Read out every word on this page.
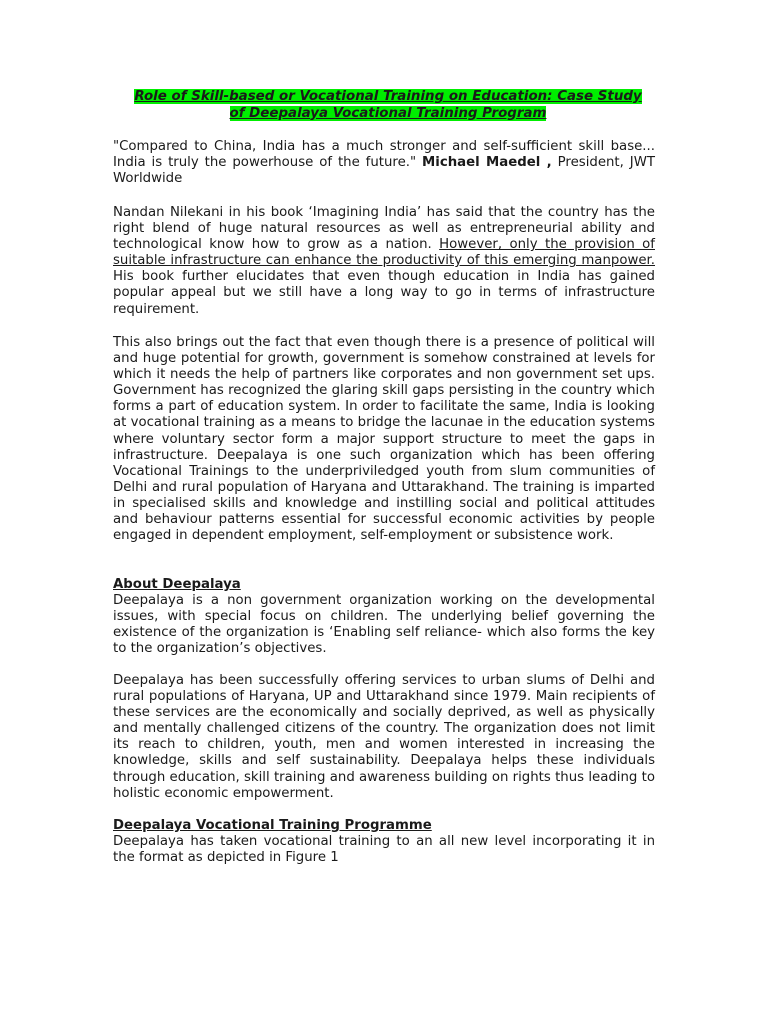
Role of Skill-based or Vocational Training on Education: Case Study
of Deepalaya Vocational Training Program

"Compared to China, India has a much stronger and self-sufficient skill base... India is truly the powerhouse of the future." Michael Maedel , President, JWT Worldwide

Nandan Nilekani in his book ‘Imagining India’ has said that the country has the right blend of huge natural resources as well as entrepreneurial ability and technological know how to grow as a nation. However, only the provision of suitable infrastructure can enhance the productivity of this emerging manpower. His book further elucidates that even though education in India has gained popular appeal but we still have a long way to go in terms of infrastructure requirement.

This also brings out the fact that even though there is a presence of political will and huge potential for growth, government is somehow constrained at levels for which it needs the help of partners like corporates and non government set ups. Government has recognized the glaring skill gaps persisting in the country which forms a part of education system. In order to facilitate the same, India is looking at vocational training as a means to bridge the lacunae in the education systems where voluntary sector form a major support structure to meet the gaps in infrastructure. Deepalaya is one such organization which has been offering Vocational Trainings to the underpriviledged youth from slum communities of Delhi and rural population of Haryana and Uttarakhand. The training is imparted in specialised skills and knowledge and instilling social and political attitudes and behaviour patterns essential for successful economic activities by people engaged in dependent employment, self-employment or subsistence work.

About Deepalaya
Deepalaya is a non government organization working on the developmental issues, with special focus on children. The underlying belief governing the existence of the organization is ‘Enabling self reliance- which also forms the key to the organization’s objectives.

Deepalaya has been successfully offering services to urban slums of Delhi and rural populations of Haryana, UP and Uttarakhand since 1979. Main recipients of these services are the economically and socially deprived, as well as physically and mentally challenged citizens of the country. The organization does not limit its reach to children, youth, men and women interested in increasing the knowledge, skills and self sustainability. Deepalaya helps these individuals through education, skill training and awareness building on rights thus leading to holistic economic empowerment.

Deepalaya Vocational Training Programme
Deepalaya has taken vocational training to an all new level incorporating it in the format as depicted in Figure 1
